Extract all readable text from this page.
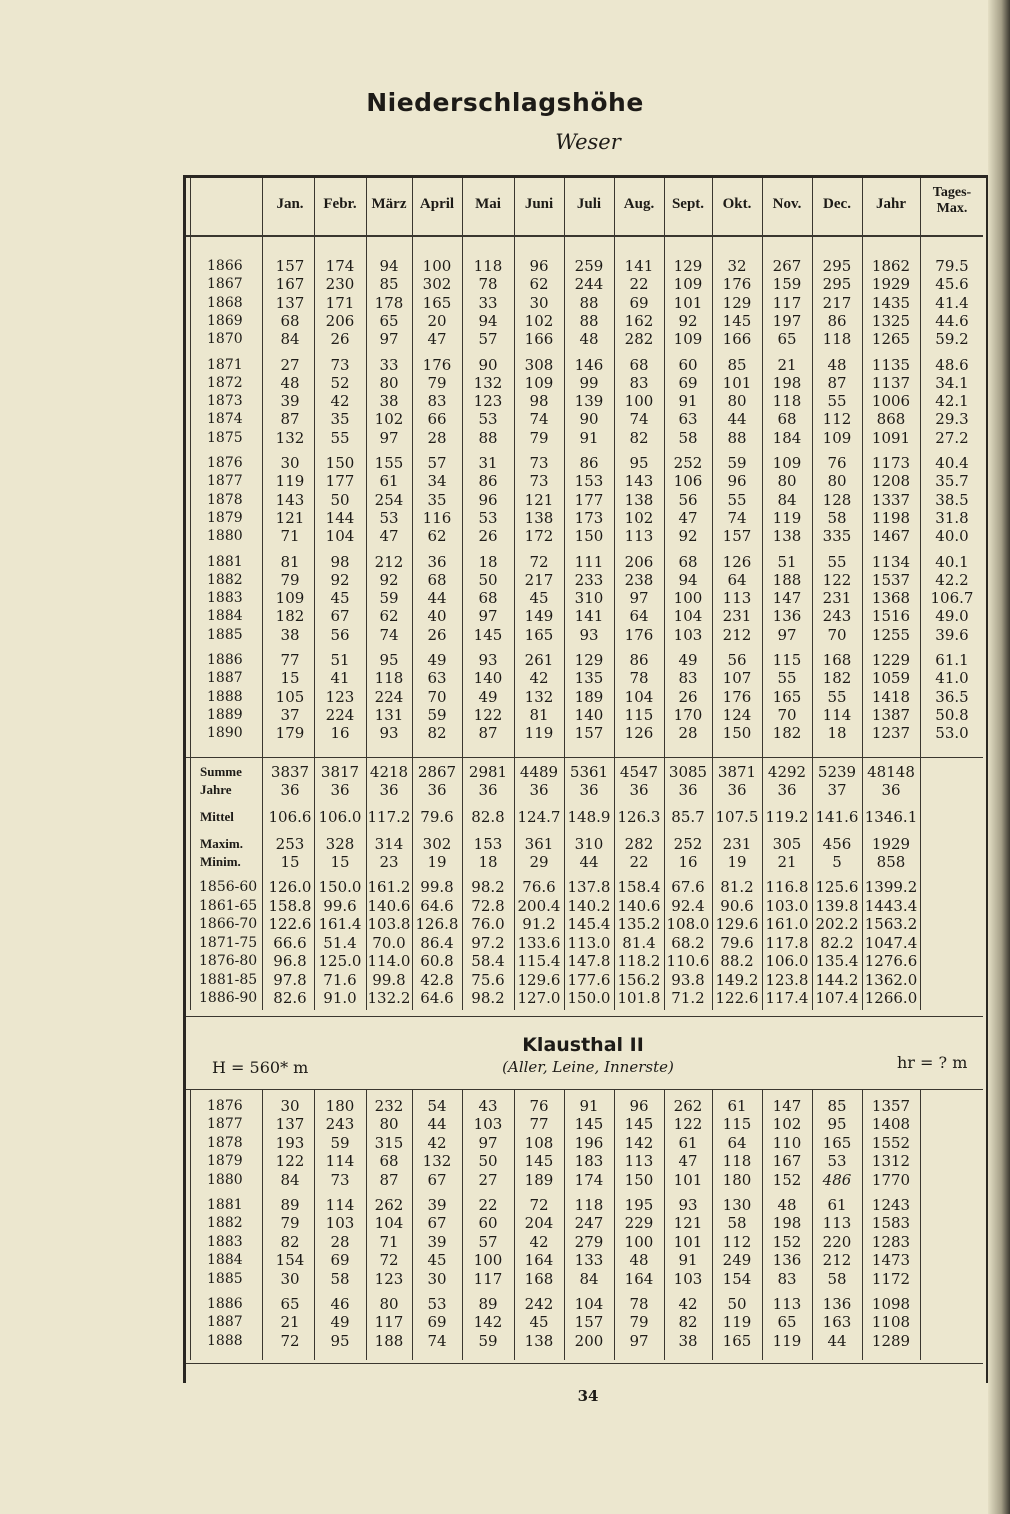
Niederschlagshöhe
Weser
Jan.	Febr. März April	Mai	Juni	Juli	Aug.	Sept.	Okt.	Nov.	Dec.	Jahr
Tages-
Max.
1866	157	174	94	100	118	96	259	141	129	32	267	295	1862	79.5
1867	167	230	85	302	78	62	244	22	109	176	159	295	1929	45.6
1868	137	171	178	165	33	30	88	69	101	129	117	217	1435	41.4
1869	68	206	65	20	94	102	88	162	92	145	197	86	1325	44.6
1870	84	26	97	47	57	166	48	282	109	166	65	118	1265	59.2
1871	27	73	33	176	90	308	146	68	60	85	21	48	1135	48.6
1872	48	52	80	79	132	109	99	83	69	101	198	87	1137	34.1
1873	39	42	38	83	123	98	139	100	91	80	118	55	1006	42.1
1874	87	35	102	66	53	74	90	74	63	44	68	112	868	29.3
1875	132	55	97	28	88	79	91	82	58	88	184	109	1091	27.2
1876	30	150	155	57	31	73	86	95	252	59	109	76	1173	40.4
1877	119	177	61	34	86	73	153	143	106	96	80	80	1208	35.7
1878	143	50	254	35	96	121	177	138	56	55	84	128	1337	38.5
1879	121	144	53	116	53	138	173	102	47	74	119	58	1198	31.8
1880	71	104	47	62	26	172	150	113	92	157	138	335	1467	40.0
1881	81	98	212	36	18	72	111	206	68	126	51	55	1134	40.1
1882	79	92	92	68	50	217	233	238	94	64	188	122	1537	42.2
1883	109	45	59	44	68	45	310	97	100	113	147	231	1368	106.7
1884	182	67	62	40	97	149	141	64	104	231	136	243	1516	49.0
1885	38	56	74	26	145	165	93	176	103	212	97	70	1255	39.6
1886	77	51	95	49	93	261	129	86	49	56	115	168	1229	61.1
1887	15	41	118	63	140	42	135	78	83	107	55	182	1059	41.0
1888	105	123	224	70	49	132	189	104	26	176	165	55	1418	36.5
1889	37	224	131	59	122	81	140	115	170	124	70	114	1387	50.8
1890	179	16	93	82	87	119	157	126	28	150	182	18	1237	53.0
Summe	3837 3817 4218 2867 2981 4489 5361 4547 3085 3871 4292 5239 48148
Jahre	36	36	36	36	36	36	36	36	36	36	36	37	36
Mittel	106.6 106.0 117.2 79.6	82.8 124.7 148.9 126.3 85.7 107.5 119.2 141.6 1346.1
Maxim.	253	328	314	302	153	361	310	282	252	231	305	456	1929
Minim.	15	15	23	19	18	29	44	22	16	19	21	5	858
1856-60 126.0 150.0 161.2 99.8	98.2	76.6 137.8 158.4 67.6	81.2 116.8 125.6 1399.2
1861-65 158.8 99.6 140.6 64.6	72.8 200.4 140.2 140.6 92.4	90.6 103.0 139.8 1443.4
1866-70 122.6 161.4 103.8 126.8 76.0	91.2 145.4 135.2 108.0 129.6 161.0 202.2 1563.2
1871-75	66.6	51.4	70.0 86.4	97.2 133.6 113.0 81.4	68.2	79.6 117.8 82.2 1047.4
1876-80	96.8 125.0 114.0 60.8	58.4 115.4 147.8 118.2 110.6 88.2 106.0 135.4 1276.6
1881-85	97.8	71.6	99.8 42.8	75.6 129.6 177.6 156.2 93.8 149.2 123.8 144.2 1362.0
1886-90	82.6	91.0 132.2 64.6	98.2 127.0 150.0 101.8 71.2 122.6 117.4 107.4 1266.0
1876	30	180	232	54	43	76	91	96	262	61	147	85	1357
1877	137	243	80	44	103	77	145	145	122	115	102	95	1408
1878	193	59	315	42	97	108	196	142	61	64	110	165	1552
1879	122	114	68	132	50	145	183	113	47	118	167	53	1312
1880	84	73	87	67	27	189	174	150	101	180	152	486	1770
1881	89	114	262	39	22	72	118	195	93	130	48	61	1243
1882	79	103	104	67	60	204	247	229	121	58	198	113	1583
1883	82	28	71	39	57	42	279	100	101	112	152	220	1283
1884	154	69	72	45	100	164	133	48	91	249	136	212	1473
1885	30	58	123	30	117	168	84	164	103	154	83	58	1172
1886	65	46	80	53	89	242	104	78	42	50	113	136	1098
1887	21	49	117	69	142	45	157	79	82	119	65	163	1108
1888	72	95	188	74	59	138	200	97	38	165	119	44	1289
Klausthal II
(Aller, Leine, Innerste)
H = 560* m	hr = ? m
34
